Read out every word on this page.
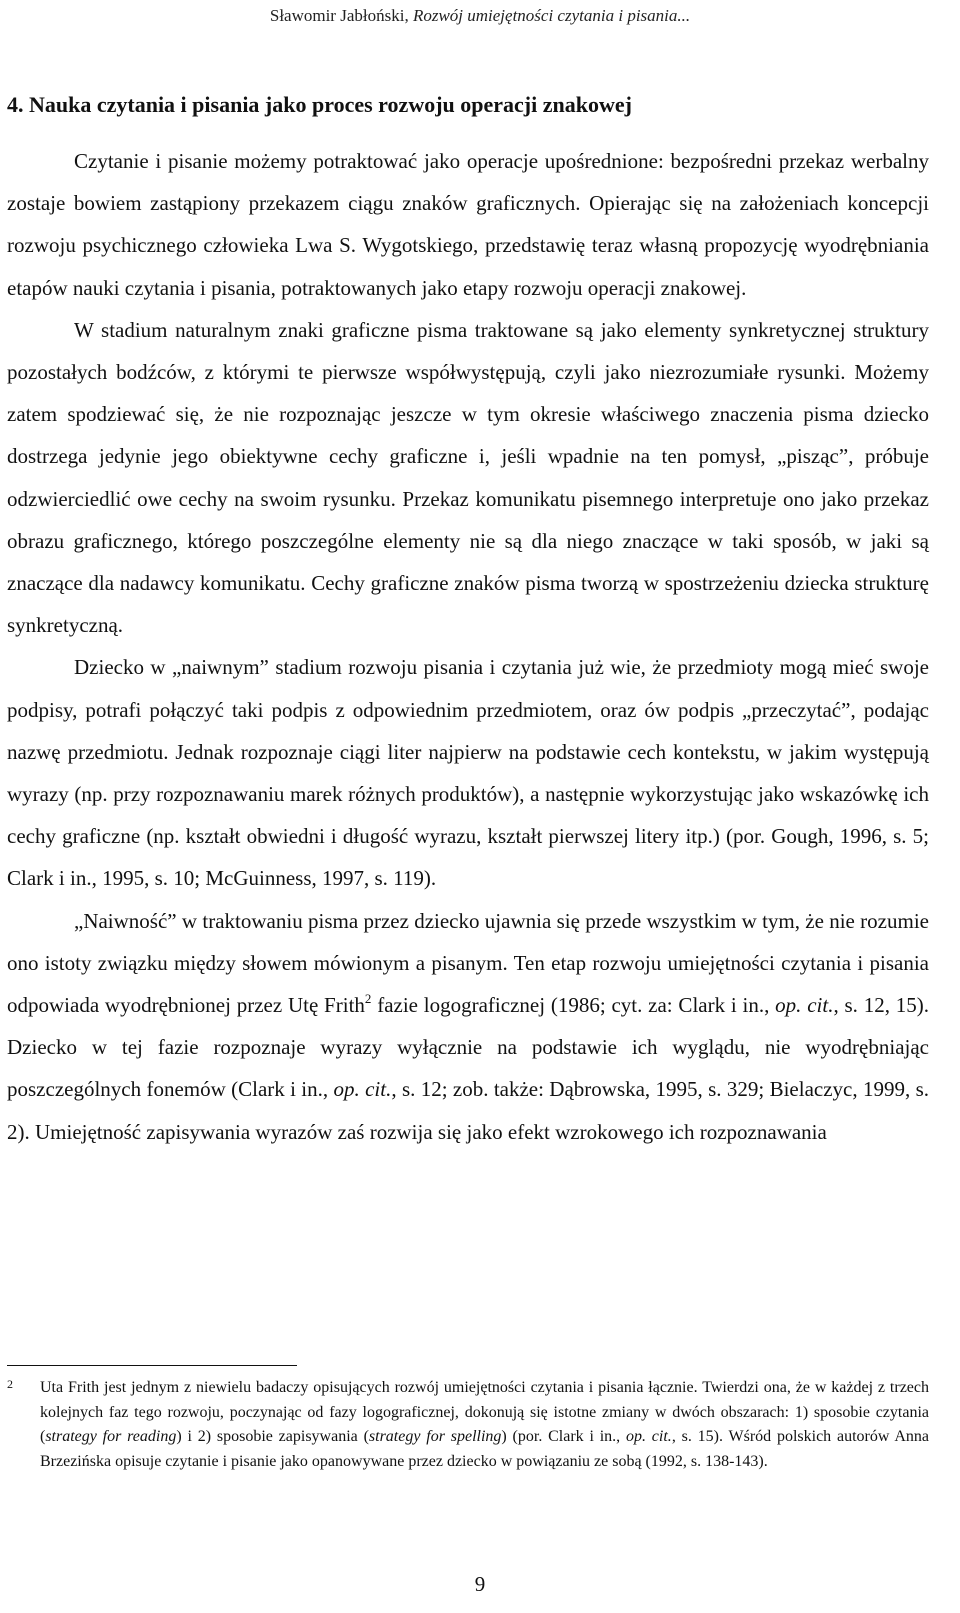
Sławomir Jabłoński, Rozwój umiejętności czytania i pisania...
4. Nauka czytania i pisania jako proces rozwoju operacji znakowej

Czytanie i pisanie możemy potraktować jako operacje upośrednione: bezpośredni przekaz werbalny zostaje bowiem zastąpiony przekazem ciągu znaków graficznych. Opierając się na założeniach koncepcji rozwoju psychicznego człowieka Lwa S. Wygotskiego, przedstawię teraz własną propozycję wyodrębniania etapów nauki czytania i pisania, potraktowanych jako etapy rozwoju operacji znakowej.

W stadium naturalnym znaki graficzne pisma traktowane są jako elementy synkretycznej struktury pozostałych bodźców, z którymi te pierwsze współwystępują, czyli jako niezrozumiałe rysunki. Możemy zatem spodziewać się, że nie rozpoznając jeszcze w tym okresie właściwego znaczenia pisma dziecko dostrzega jedynie jego obiektywne cechy graficzne i, jeśli wpadnie na ten pomysł, „pisząc”, próbuje odzwierciedlić owe cechy na swoim rysunku. Przekaz komunikatu pisemnego interpretuje ono jako przekaz obrazu graficznego, którego poszczególne elementy nie są dla niego znaczące w taki sposób, w jaki są znaczące dla nadawcy komunikatu. Cechy graficzne znaków pisma tworzą w spostrzeżeniu dziecka strukturę synkretyczną.

Dziecko w „naiwnym” stadium rozwoju pisania i czytania już wie, że przedmioty mogą mieć swoje podpisy, potrafi połączyć taki podpis z odpowiednim przedmiotem, oraz ów podpis „przeczytać”, podając nazwę przedmiotu. Jednak rozpoznaje ciągi liter najpierw na podstawie cech kontekstu, w jakim występują wyrazy (np. przy rozpoznawaniu marek różnych produktów), a następnie wykorzystując jako wskazówkę ich cechy graficzne (np. kształt obwiedni i długość wyrazu, kształt pierwszej litery itp.) (por. Gough, 1996, s. 5; Clark i in., 1995, s. 10; McGuinness, 1997, s. 119).

„Naiwność” w traktowaniu pisma przez dziecko ujawnia się przede wszystkim w tym, że nie rozumie ono istoty związku między słowem mówionym a pisanym. Ten etap rozwoju umiejętności czytania i pisania odpowiada wyodrębnionej przez Utę Frith$^2$ fazie logograficznej (1986; cyt. za: Clark i in., op. cit., s. 12, 15). Dziecko w tej fazie rozpoznaje wyrazy wyłącznie na podstawie ich wyglądu, nie wyodrębniając poszczególnych fonemów (Clark i in., op. cit., s. 12; zob. także: Dąbrowska, 1995, s. 329; Bielaczyc, 1999, s. 2). Umiejętność zapisywania wyrazów zaś rozwija się jako efekt wzrokowego ich rozpoznawania

2	Uta Frith jest jednym z niewielu badaczy opisujących rozwój umiejętności czytania i pisania łącznie. Twierdzi ona, że w każdej z trzech kolejnych faz tego rozwoju, poczynając od fazy logograficznej, dokonują się istotne zmiany w dwóch obszarach: 1) sposobie czytania (strategy for reading) i 2) sposobie zapisywania (strategy for spelling) (por. Clark i in., op. cit., s. 15). Wśród polskich autorów Anna Brzezińska opisuje czytanie i pisanie jako opanowywane przez dziecko w powiązaniu ze sobą (1992, s. 138-143).
9
